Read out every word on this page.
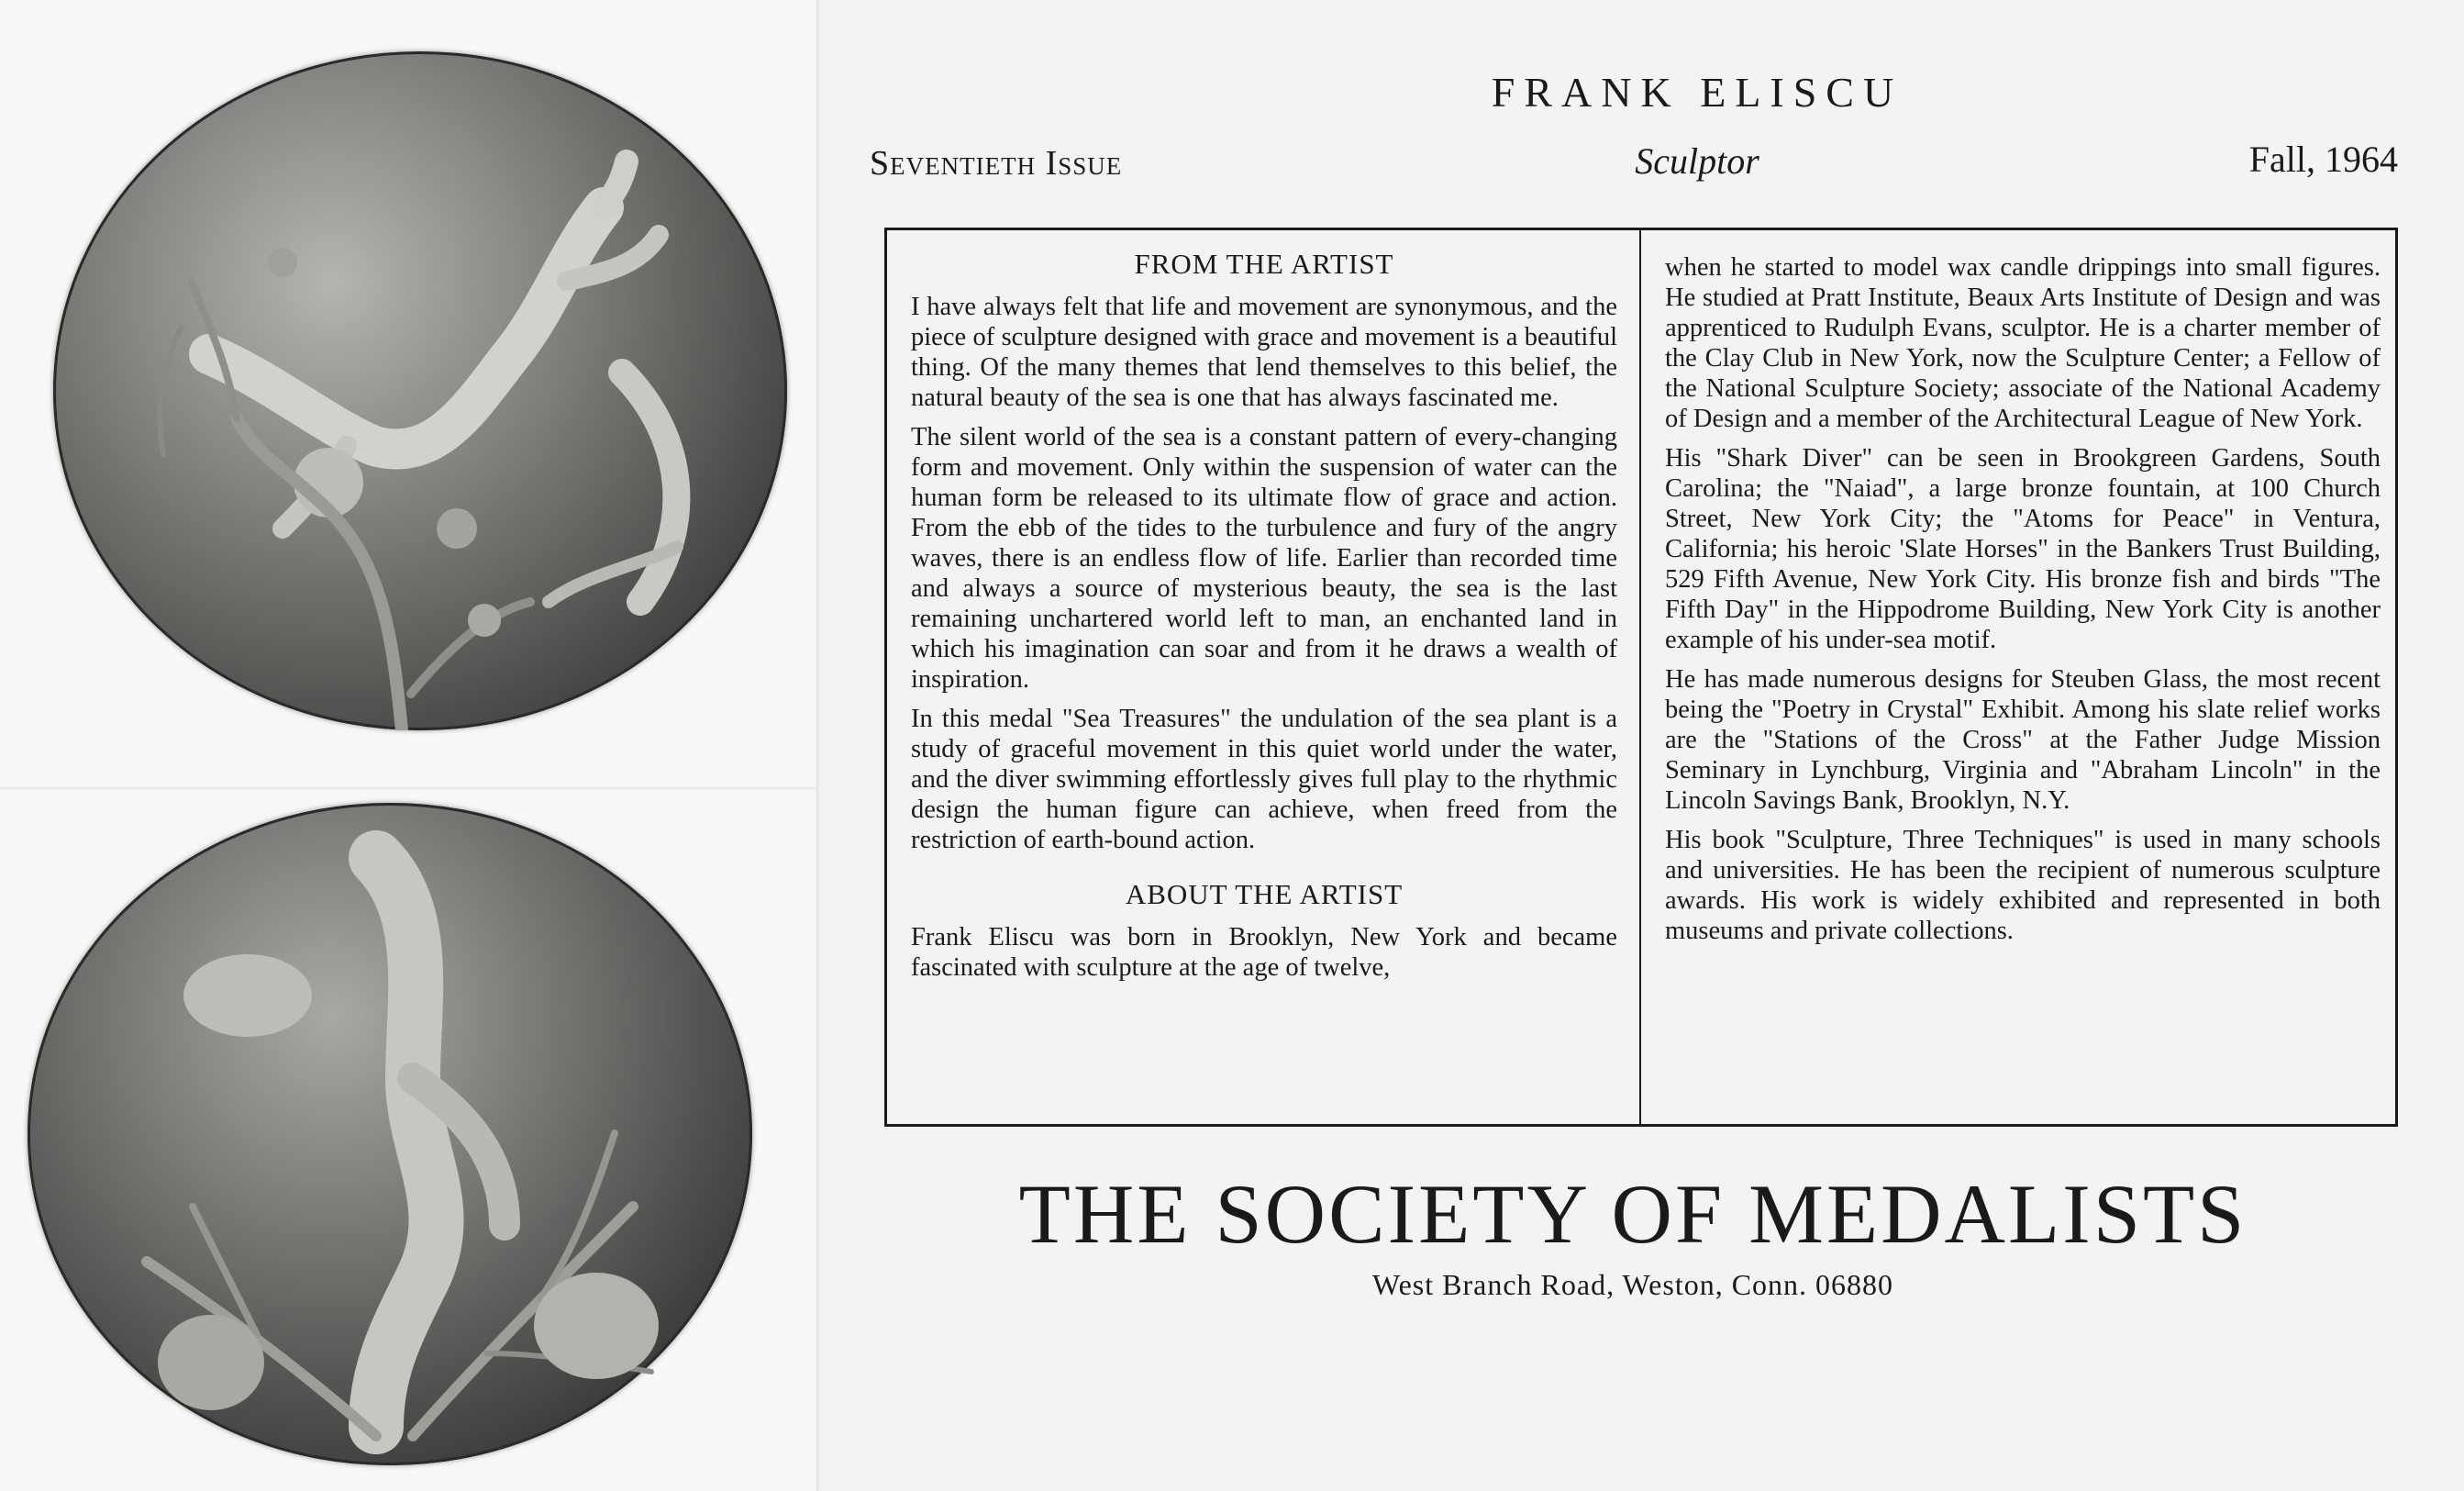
FRANK ELISCU
Seventieth Issue	Sculptor	Fall, 1964
FROM THE ARTIST

I have always felt that life and movement are synonymous, and the piece of sculpture designed with grace and movement is a beautiful thing. Of the many themes that lend themselves to this belief, the natural beauty of the sea is one that has always fascinated me.

The silent world of the sea is a constant pattern of every-changing form and movement. Only within the suspension of water can the human form be released to its ultimate flow of grace and action. From the ebb of the tides to the turbulence and fury of the angry waves, there is an endless flow of life. Earlier than recorded time and always a source of mysterious beauty, the sea is the last remaining unchartered world left to man, an enchanted land in which his imagination can soar and from it he draws a wealth of inspiration.

In this medal "Sea Treasures" the undulation of the sea plant is a study of graceful movement in this quiet world under the water, and the diver swimming effortlessly gives full play to the rhythmic design the human figure can achieve, when freed from the restriction of earth-bound action.

ABOUT THE ARTIST

Frank Eliscu was born in Brooklyn, New York and became fascinated with sculpture at the age of twelve,

when he started to model wax candle drippings into small figures. He studied at Pratt Institute, Beaux Arts Institute of Design and was apprenticed to Rudulph Evans, sculptor. He is a charter member of the Clay Club in New York, now the Sculpture Center; a Fellow of the National Sculpture Society; associate of the National Academy of Design and a member of the Architectural League of New York.

His "Shark Diver" can be seen in Brookgreen Gardens, South Carolina; the "Naiad", a large bronze fountain, at 100 Church Street, New York City; the "Atoms for Peace" in Ventura, California; his heroic 'Slate Horses" in the Bankers Trust Building, 529 Fifth Avenue, New York City. His bronze fish and birds "The Fifth Day" in the Hippodrome Building, New York City is another example of his under-sea motif.

He has made numerous designs for Steuben Glass, the most recent being the "Poetry in Crystal" Exhibit. Among his slate relief works are the "Stations of the Cross" at the Father Judge Mission Seminary in Lynchburg, Virginia and "Abraham Lincoln" in the Lincoln Savings Bank, Brooklyn, N.Y.

His book "Sculpture, Three Techniques" is used in many schools and universities. He has been the recipient of numerous sculpture awards. His work is widely exhibited and represented in both museums and private collections.

THE SOCIETY OF MEDALISTS
West Branch Road, Weston, Conn. 06880
